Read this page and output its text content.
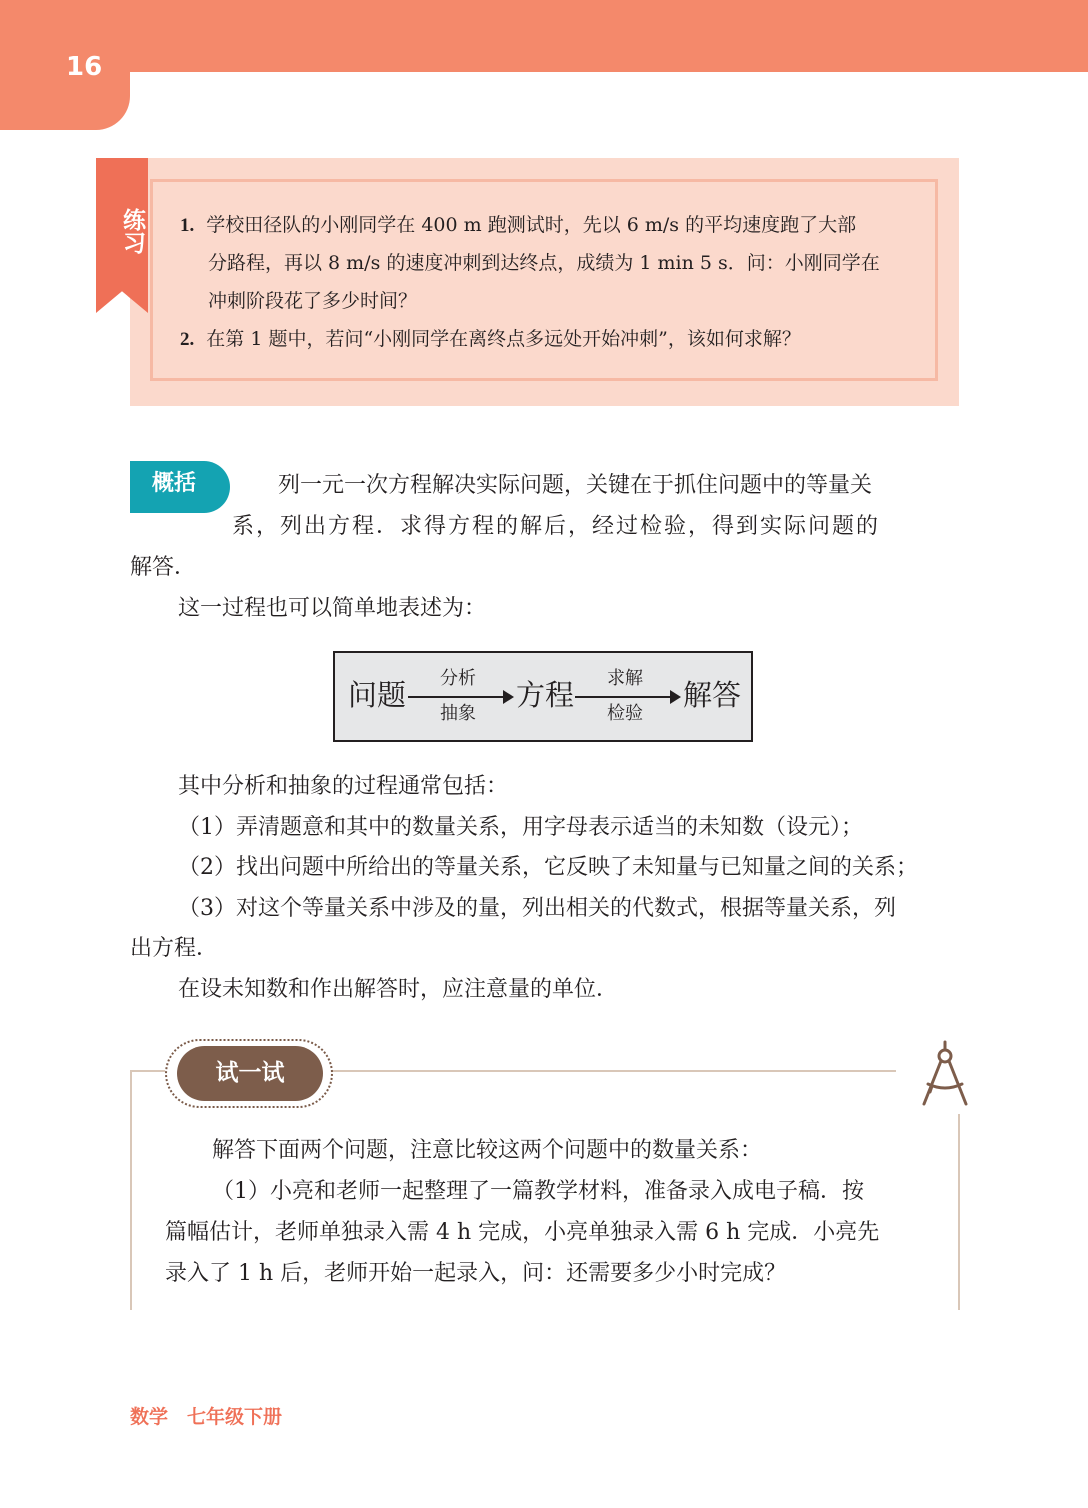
16
练习 1. 学校田径队的小刚同学在 400 m 跑测试时，先以 6 m/s 的平均速度跑了大部
分路程，再以 8 m/s 的速度冲刺到达终点，成绩为 1 min 5 s．问：小刚同学在
冲刺阶段花了多少时间？
2. 在第 1 题中，若问“小刚同学在离终点多远处开始冲刺”，该如何求解？
概括	列一元一次方程解决实际问题，关键在于抓住问题中的等量关
系，列出方程．求得方程的解后，经过检验，得到实际问题的
解答．
这一过程也可以简单地表述为：
问题 分析
抽象
方程 求解
检验
解答
其中分析和抽象的过程通常包括：
（1）弄清题意和其中的数量关系，用字母表示适当的未知数（设元）；
（2）找出问题中所给出的等量关系，它反映了未知量与已知量之间的关系；
（3）对这个等量关系中涉及的量，列出相关的代数式，根据等量关系，列
出方程．
在设未知数和作出解答时，应注意量的单位．
试一试
解答下面两个问题，注意比较这两个问题中的数量关系：
（1）小亮和老师一起整理了一篇教学材料，准备录入成电子稿．按
篇幅估计，老师单独录入需 4 h 完成，小亮单独录入需 6 h 完成．小亮先
录入了 1 h 后，老师开始一起录入，问：还需要多少小时完成？
数学　七年级下册
